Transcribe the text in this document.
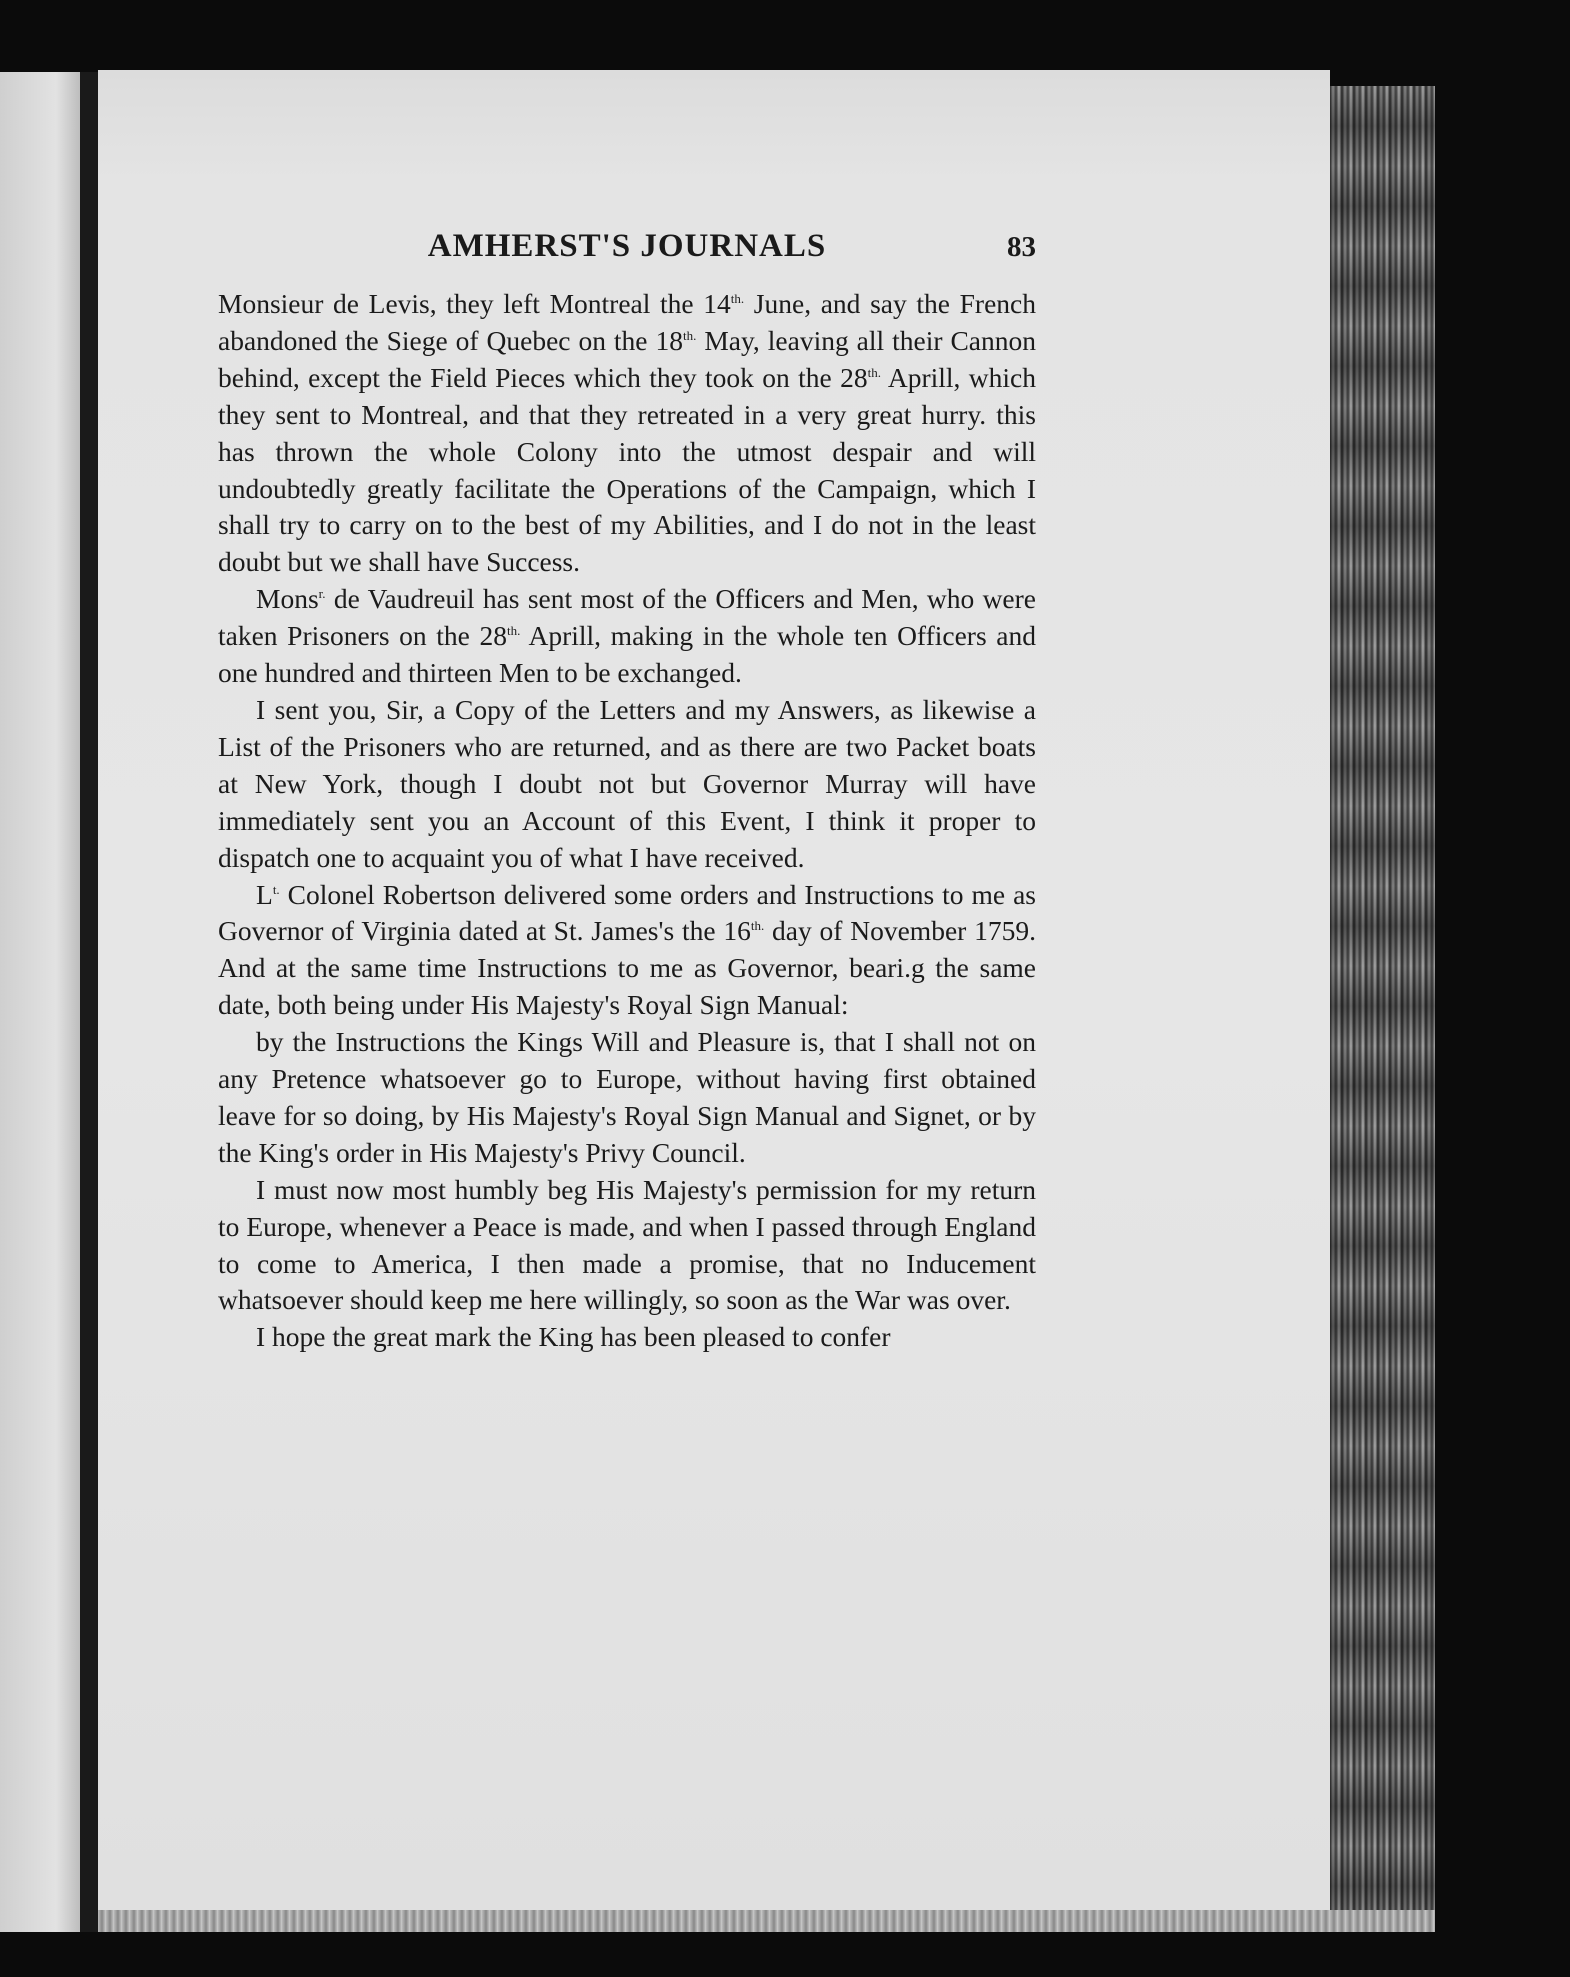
AMHERST'S JOURNALS	83

Monsieur de Levis, they left Montreal the $14^{th.}$ June, and say the French abandoned the Siege of Quebec on the $18^{th.}$ May, leaving all their Cannon behind, except the Field Pieces which they took on the $28^{th.}$ Aprill, which they sent to Montreal, and that they retreated in a very great hurry. this has thrown the whole Colony into the utmost despair and will undoubtedly greatly facilitate the Operations of the Campaign, which I shall try to carry on to the best of my Abilities, and I do not in the least doubt but we shall have Success.

Mons$^{r.}$ de Vaudreuil has sent most of the Officers and Men, who were taken Prisoners on the $28^{th.}$ Aprill, making in the whole ten Officers and one hundred and thirteen Men to be exchanged.

I sent you, Sir, a Copy of the Letters and my Answers, as likewise a List of the Prisoners who are returned, and as there are two Packet boats at New York, though I doubt not but Governor Murray will have immediately sent you an Account of this Event, I think it proper to dispatch one to acquaint you of what I have received.

$L^{t.}$ Colonel Robertson delivered some orders and Instructions to me as Governor of Virginia dated at St. James's the $16^{th.}$ day of November 1759. And at the same time Instructions to me as Governor, beari.g the same date, both being under His Majesty's Royal Sign Manual:

by the Instructions the Kings Will and Pleasure is, that I shall not on any Pretence whatsoever go to Europe, without having first obtained leave for so doing, by His Majesty's Royal Sign Manual and Signet, or by the King's order in His Majesty's Privy Council.

I must now most humbly beg His Majesty's permission for my return to Europe, whenever a Peace is made, and when I passed through England to come to America, I then made a promise, that no Inducement whatsoever should keep me here willingly, so soon as the War was over.

I hope the great mark the King has been pleased to confer
